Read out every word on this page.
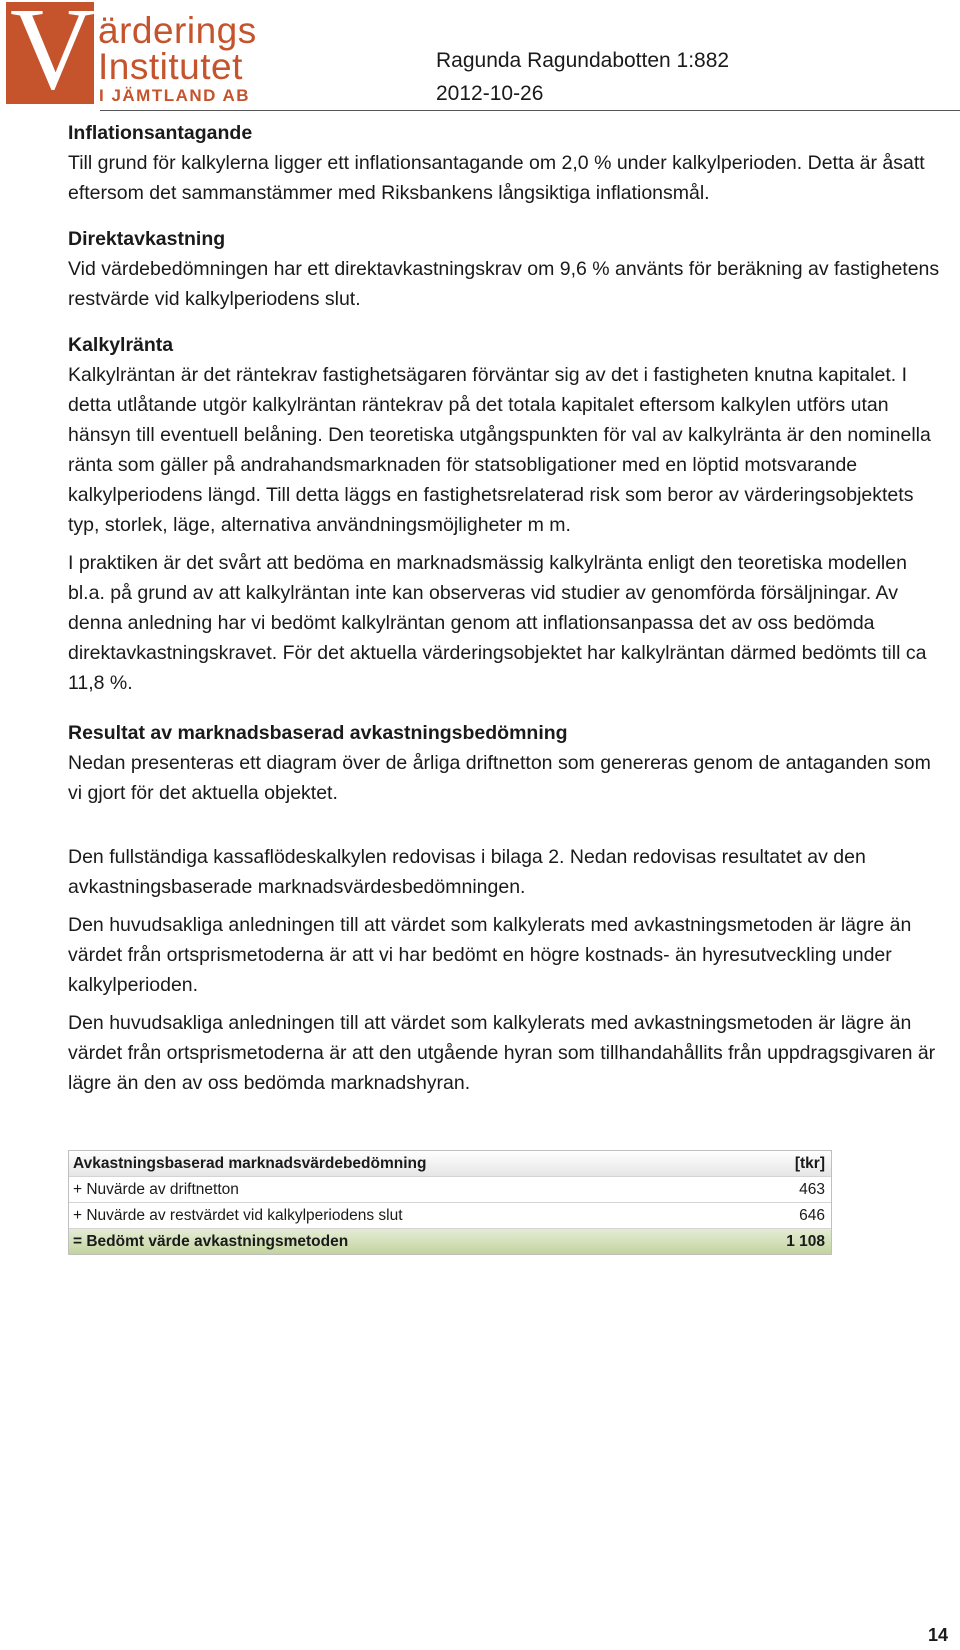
V ärderings
Institutet
I JÄMTLAND AB
Ragunda Ragundabotten 1:882
2012-10-26

Inflationsantagande

Till grund för kalkylerna ligger ett inflationsantagande om 2,0 % under kalkylperioden. Detta är åsatt eftersom det sammanstämmer med Riksbankens långsiktiga inflationsmål.

Direktavkastning

Vid värdebedömningen har ett direktavkastningskrav om 9,6 % använts för beräkning av fastighetens restvärde vid kalkylperiodens slut.

Kalkylränta

Kalkylräntan är det räntekrav fastighetsägaren förväntar sig av det i fastigheten knutna kapitalet. I detta utlåtande utgör kalkylräntan räntekrav på det totala kapitalet eftersom kalkylen utförs utan hänsyn till eventuell belåning. Den teoretiska utgångspunkten för val av kalkylränta är den nominella ränta som gäller på andrahandsmarknaden för statsobligationer med en löptid motsvarande kalkylperiodens längd. Till detta läggs en fastighetsrelaterad risk som beror av värderingsobjektets typ, storlek, läge, alternativa användningsmöjligheter m m.

I praktiken är det svårt att bedöma en marknadsmässig kalkylränta enligt den teoretiska modellen bl.a. på grund av att kalkylräntan inte kan observeras vid studier av genomförda försäljningar. Av denna anledning har vi bedömt kalkylräntan genom att inflationsanpassa det av oss bedömda direktavkastningskravet. För det aktuella värderingsobjektet har kalkylräntan därmed bedömts till ca 11,8 %.

Resultat av marknadsbaserad avkastningsbedömning

Nedan presenteras ett diagram över de årliga driftnetton som genereras genom de antaganden som vi gjort för det aktuella objektet.

Den fullständiga kassaflödeskalkylen redovisas i bilaga 2. Nedan redovisas resultatet av den avkastningsbaserade marknadsvärdesbedömningen.

Den huvudsakliga anledningen till att värdet som kalkylerats med avkastningsmetoden är lägre än värdet från ortsprismetoderna är att vi har bedömt en högre kostnads- än hyresutveckling under kalkylperioden.

Den huvudsakliga anledningen till att värdet som kalkylerats med avkastningsmetoden är lägre än värdet från ortsprismetoderna är att den utgående hyran som tillhandahållits från uppdragsgivaren är lägre än den av oss bedömda marknadshyran.

Avkastningsbaserad marknadsvärdebedömning	[tkr]
+ Nuvärde av driftnetton	463
+ Nuvärde av restvärdet vid kalkylperiodens slut	646
= Bedömt värde avkastningsmetoden	1 108
14
